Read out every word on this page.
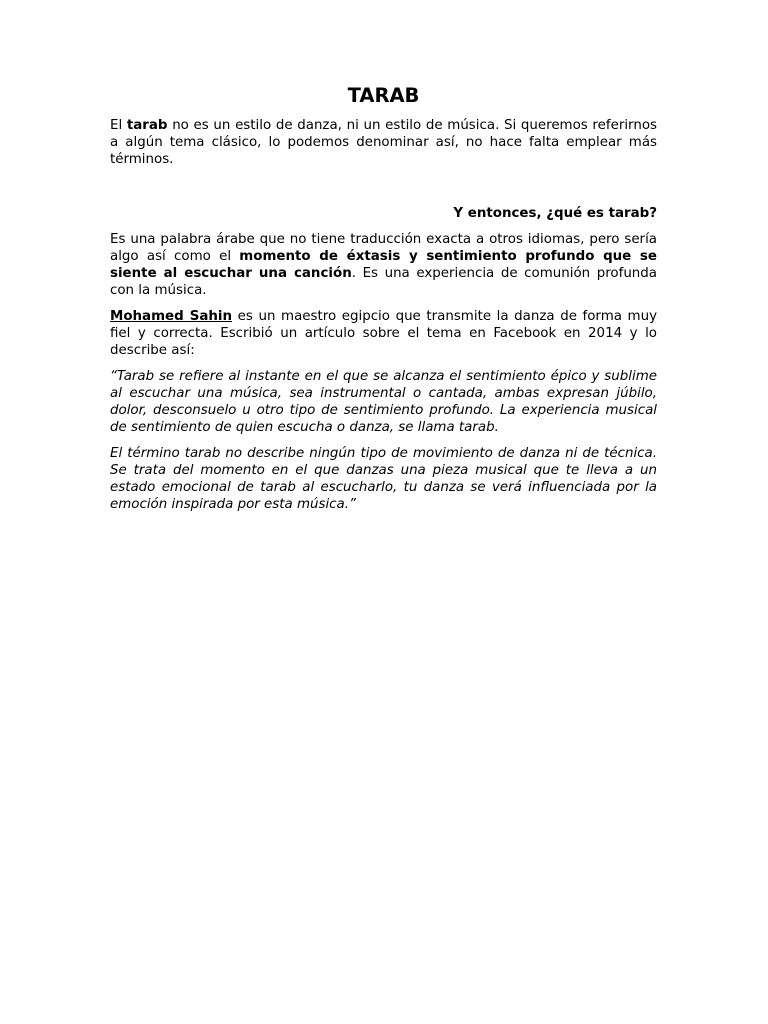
TARAB

El tarab no es un estilo de danza, ni un estilo de música. Si queremos referirnos a algún tema clásico, lo podemos denominar así, no hace falta emplear más términos.

Y entonces, ¿qué es tarab?

Es una palabra árabe que no tiene traducción exacta a otros idiomas, pero sería algo así como el momento de éxtasis y sentimiento profundo que se siente al escuchar una canción. Es una experiencia de comunión profunda con la música.

Mohamed Sahin es un maestro egipcio que transmite la danza de forma muy fiel y correcta. Escribió un artículo sobre el tema en Facebook en 2014 y lo describe así:

“Tarab se refiere al instante en el que se alcanza el sentimiento épico y sublime al escuchar una música, sea instrumental o cantada, ambas expresan júbilo, dolor, desconsuelo u otro tipo de sentimiento profundo. La experiencia musical de sentimiento de quien escucha o danza, se llama tarab.

El término tarab no describe ningún tipo de movimiento de danza ni de técnica. Se trata del momento en el que danzas una pieza musical que te lleva a un estado emocional de tarab al escucharlo, tu danza se verá influenciada por la emoción inspirada por esta música.”
